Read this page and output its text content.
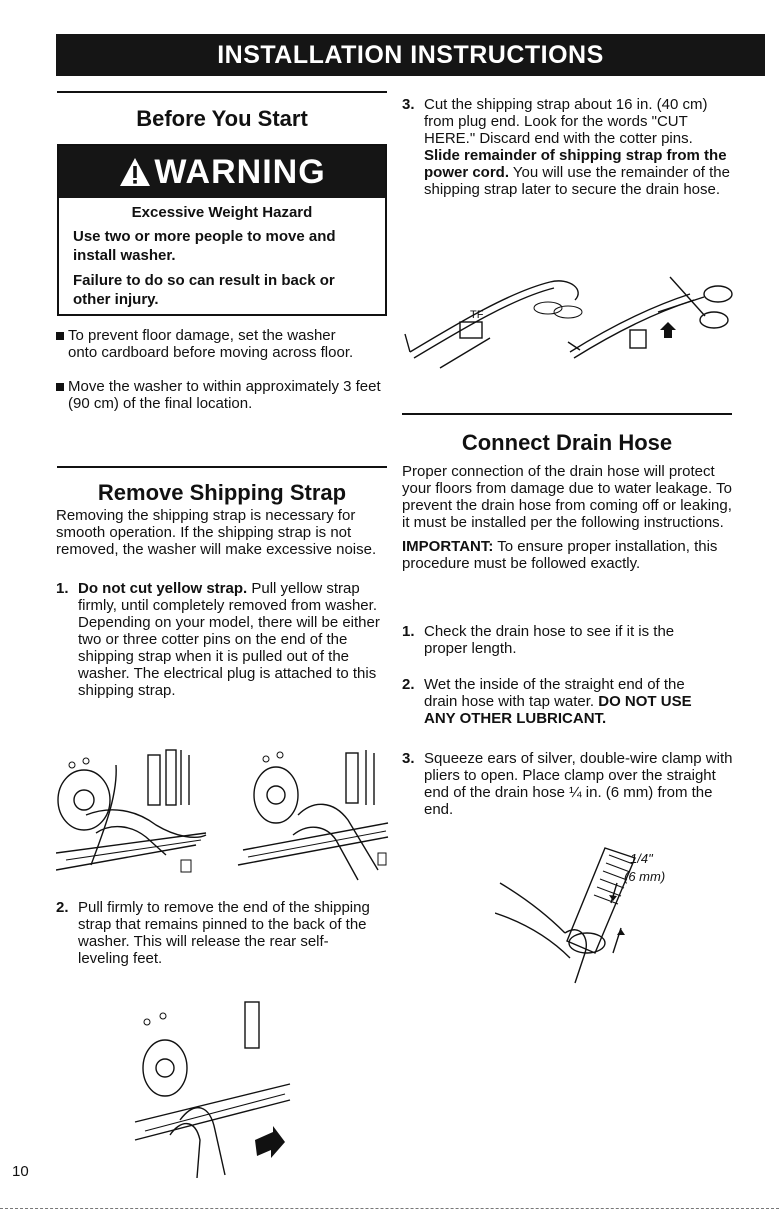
INSTALLATION INSTRUCTIONS
Before You Start
WARNING
Excessive Weight Hazard
Use two or more people to move and install washer.
Failure to do so can result in back or other injury.
To prevent floor damage, set the washer onto cardboard before moving across floor.
Move the washer to within approximately 3 feet (90 cm) of the final location.
Remove Shipping Strap

Removing the shipping strap is necessary for smooth operation. If the shipping strap is not removed, the washer will make excessive noise.

1. Do not cut yellow strap. Pull yellow strap firmly, until completely removed from washer. Depending on your model, there will be either two or three cotter pins on the end of the shipping strap when it is pulled out of the washer. The electrical plug is attached to this shipping strap.
2. Pull firmly to remove the end of the shipping strap that remains pinned to the back of the washer. This will release the rear self-leveling feet.
10
3. Cut the shipping strap about 16 in. (40 cm) from plug end. Look for the words "CUT HERE." Discard end with the cotter pins. Slide remainder of shipping strap from the power cord. You will use the remainder of the shipping strap later to secure the drain hose.
TF
Connect Drain Hose

Proper connection of the drain hose will protect your floors from damage due to water leakage. To prevent the drain hose from coming off or leaking, it must be installed per the following instructions.

IMPORTANT: To ensure proper installation, this procedure must be followed exactly.

1. Check the drain hose to see if it is the proper length.
2. Wet the inside of the straight end of the drain hose with tap water. DO NOT USE ANY OTHER LUBRICANT.
3. Squeeze ears of silver, double-wire clamp with pliers to open. Place clamp over the straight end of the drain hose ¼ in. (6 mm) from the end.
1/4"
(6 mm)
